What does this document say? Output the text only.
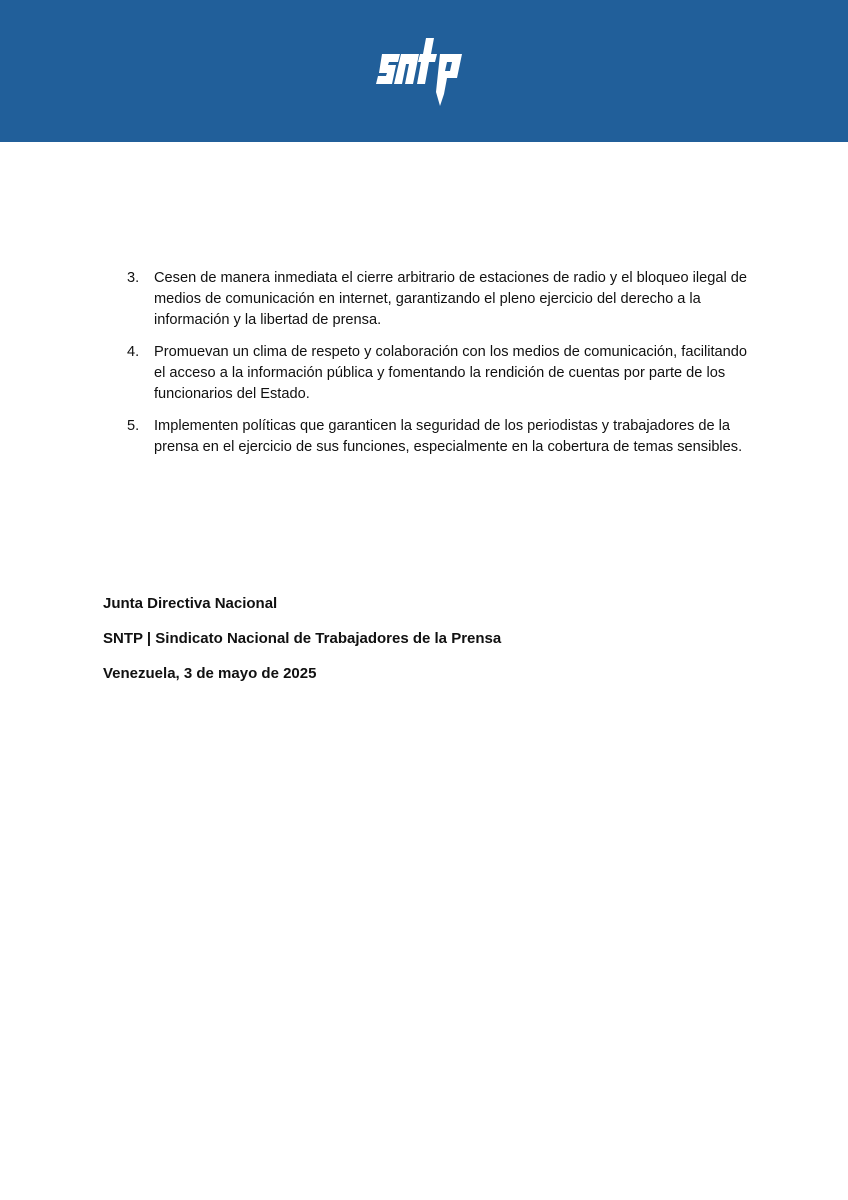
3. Cesen de manera inmediata el cierre arbitrario de estaciones de radio y el bloqueo ilegal de medios de comunicación en internet, garantizando el pleno ejercicio del derecho a la información y la libertad de prensa.
4. Promuevan un clima de respeto y colaboración con los medios de comunicación, facilitando el acceso a la información pública y fomentando la rendición de cuentas por parte de los funcionarios del Estado.
5. Implementen políticas que garanticen la seguridad de los periodistas y trabajadores de la prensa en el ejercicio de sus funciones, especialmente en la cobertura de temas sensibles.

Junta Directiva Nacional

SNTP | Sindicato Nacional de Trabajadores de la Prensa

Venezuela, 3 de mayo de 2025
